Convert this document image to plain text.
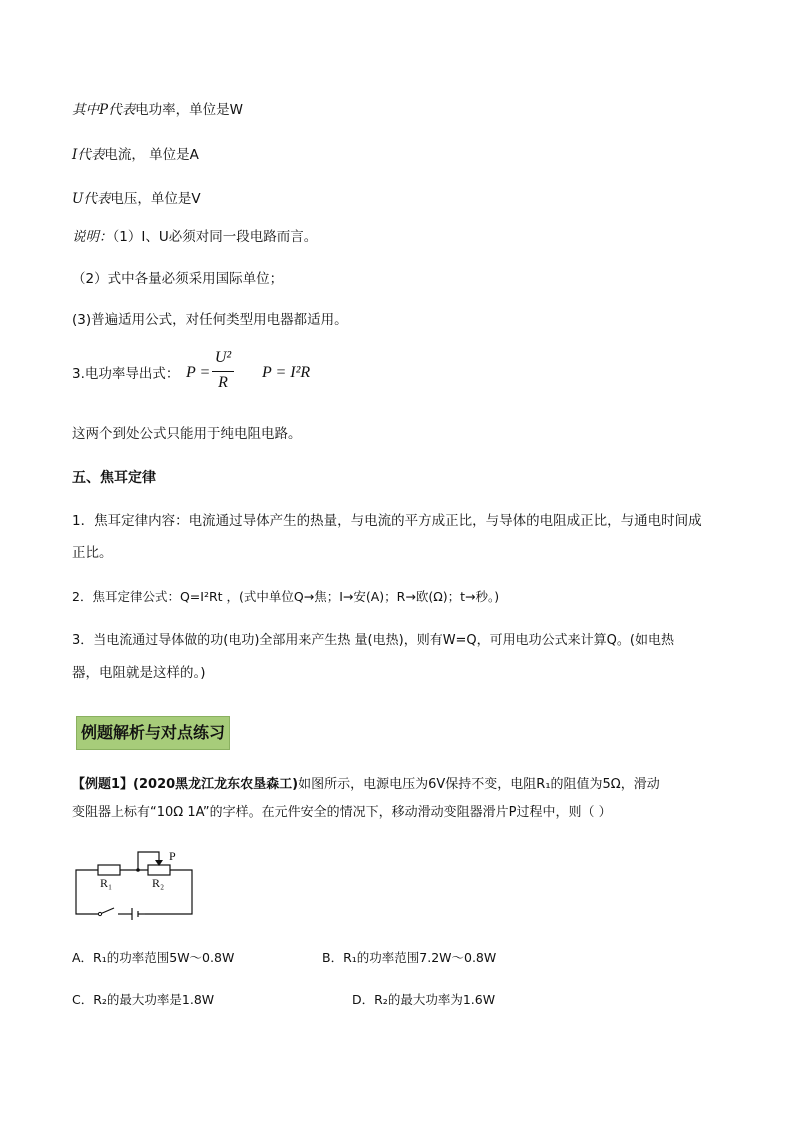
其中P代表电功率，单位是W
I代表电流， 单位是A
U代表电压，单位是V
说明：（1）I、U必须对同一段电路而言。
（2）式中各量必须采用国际单位；
(3)普遍适用公式，对任何类型用电器都适用。
3.电功率导出式： P =
U²
R
P = I²R
这两个到处公式只能用于纯电阻电路。
五、焦耳定律
1．焦耳定律内容：电流通过导体产生的热量，与电流的平方成正比，与导体的电阻成正比，与通电时间成
正比。
2．焦耳定律公式：Q=I²Rt ，(式中单位Q→焦；I→安(A)；R→欧(Ω)；t→秒。)
3．当电流通过导体做的功(电功)全部用来产生热 量(电热)，则有W=Q，可用电功公式来计算Q。(如电热
器，电阻就是这样的。)
例题解析与对点练习
【例题1】(2020黑龙江龙东农垦森工)如图所示，电源电压为6V保持不变，电阻R₁的阻值为5Ω，滑动
变阻器上标有“10Ω 1A”的字样。在元件安全的情况下，移动滑动变阻器滑片P过程中，则（ ）
P
R₁	R₂
A．R₁的功率范围5W～0.8W	B．R₁的功率范围7.2W～0.8W
C．R₂的最大功率是1.8W	D．R₂的最大功率为1.6W
